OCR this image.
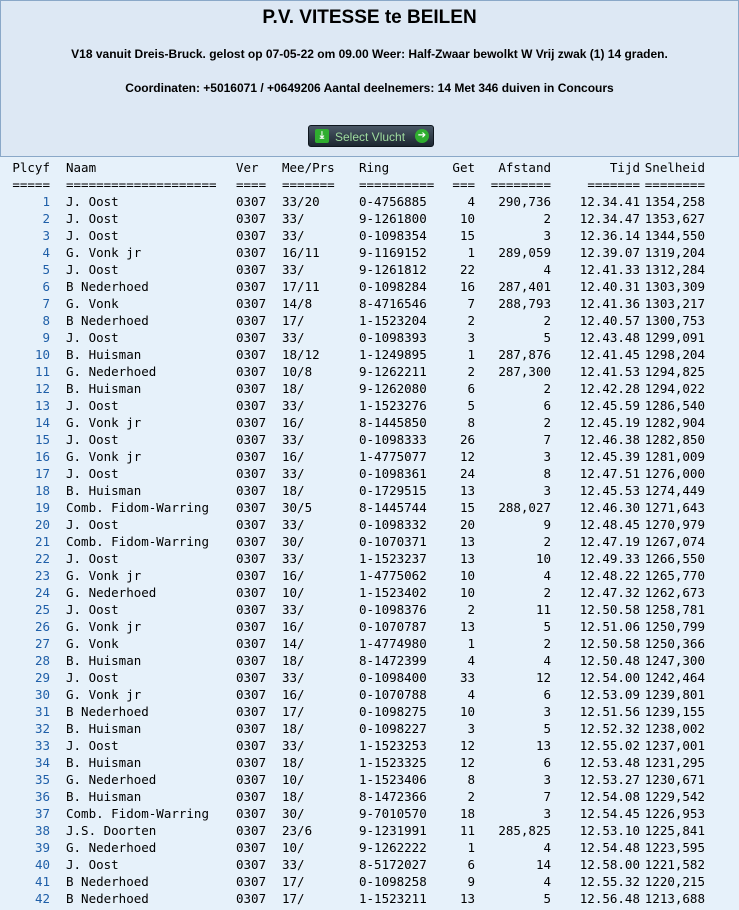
P.V. VITESSE te BEILEN
V18 vanuit Dreis-Bruck. gelost op 07-05-22 om 09.00 Weer: Half-Zwaar bewolkt W Vrij zwak (1) 14 graden.
Coordinaten: +5016071 / +0649206 Aantal deelnemers: 14 Met 346 duiven in Concours
⤓ Select Vlucht ➔
Plcyf Naam	Ver Mee/Prs Ring	Get	Afstand	Tijd Snelheid
===== ==================== ==== ======= ==========	===	========	======= ========
1 J. Oost	0307 33/20	0-4756885	4	290,736	12.34.41 1354,258
2 J. Oost	0307 33/	9-1261800	10	2	12.34.47 1353,627
3 J. Oost	0307 33/	0-1098354	15	3	12.36.14 1344,550
4 G. Vonk jr	0307 16/11	9-1169152	1	289,059	12.39.07 1319,204
5 J. Oost	0307 33/	9-1261812	22	4	12.41.33 1312,284
6 B Nederhoed	0307 17/11	0-1098284	16	287,401	12.40.31 1303,309
7 G. Vonk	0307 14/8	8-4716546	7	288,793	12.41.36 1303,217
8 B Nederhoed	0307 17/	1-1523204	2	2	12.40.57 1300,753
9 J. Oost	0307 33/	0-1098393	3	5	12.43.48 1299,091
10 B. Huisman	0307 18/12	1-1249895	1	287,876	12.41.45 1298,204
11 G. Nederhoed	0307 10/8	9-1262211	2	287,300	12.41.53 1294,825
12 B. Huisman	0307 18/	9-1262080	6	2	12.42.28 1294,022
13 J. Oost	0307 33/	1-1523276	5	6	12.45.59 1286,540
14 G. Vonk jr	0307 16/	8-1445850	8	2	12.45.19 1282,904
15 J. Oost	0307 33/	0-1098333	26	7	12.46.38 1282,850
16 G. Vonk jr	0307 16/	1-4775077	12	3	12.45.39 1281,009
17 J. Oost	0307 33/	0-1098361	24	8	12.47.51 1276,000
18 B. Huisman	0307 18/	0-1729515	13	3	12.45.53 1274,449
19 Comb. Fidom-Warring 0307 30/5	8-1445744	15	288,027	12.46.30 1271,643
20 J. Oost	0307 33/	0-1098332	20	9	12.48.45 1270,979
21 Comb. Fidom-Warring 0307 30/	0-1070371	13	2	12.47.19 1267,074
22 J. Oost	0307 33/	1-1523237	13	10	12.49.33 1266,550
23 G. Vonk jr	0307 16/	1-4775062	10	4	12.48.22 1265,770
24 G. Nederhoed	0307 10/	1-1523402	10	2	12.47.32 1262,673
25 J. Oost	0307 33/	0-1098376	2	11	12.50.58 1258,781
26 G. Vonk jr	0307 16/	0-1070787	13	5	12.51.06 1250,799
27 G. Vonk	0307 14/	1-4774980	1	2	12.50.58 1250,366
28 B. Huisman	0307 18/	8-1472399	4	4	12.50.48 1247,300
29 J. Oost	0307 33/	0-1098400	33	12	12.54.00 1242,464
30 G. Vonk jr	0307 16/	0-1070788	4	6	12.53.09 1239,801
31 B Nederhoed	0307 17/	0-1098275	10	3	12.51.56 1239,155
32 B. Huisman	0307 18/	0-1098227	3	5	12.52.32 1238,002
33 J. Oost	0307 33/	1-1523253	12	13	12.55.02 1237,001
34 B. Huisman	0307 18/	1-1523325	12	6	12.53.48 1231,295
35 G. Nederhoed	0307 10/	1-1523406	8	3	12.53.27 1230,671
36 B. Huisman	0307 18/	8-1472366	2	7	12.54.08 1229,542
37 Comb. Fidom-Warring 0307 30/	9-7010570	18	3	12.54.45 1226,953
38 J.S. Doorten	0307 23/6	9-1231991	11	285,825	12.53.10 1225,841
39 G. Nederhoed	0307 10/	9-1262222	1	4	12.54.48 1223,595
40 J. Oost	0307 33/	8-5172027	6	14	12.58.00 1221,582
41 B Nederhoed	0307 17/	0-1098258	9	4	12.55.32 1220,215
42 B Nederhoed	0307 17/	1-1523211	13	5	12.56.48 1213,688
